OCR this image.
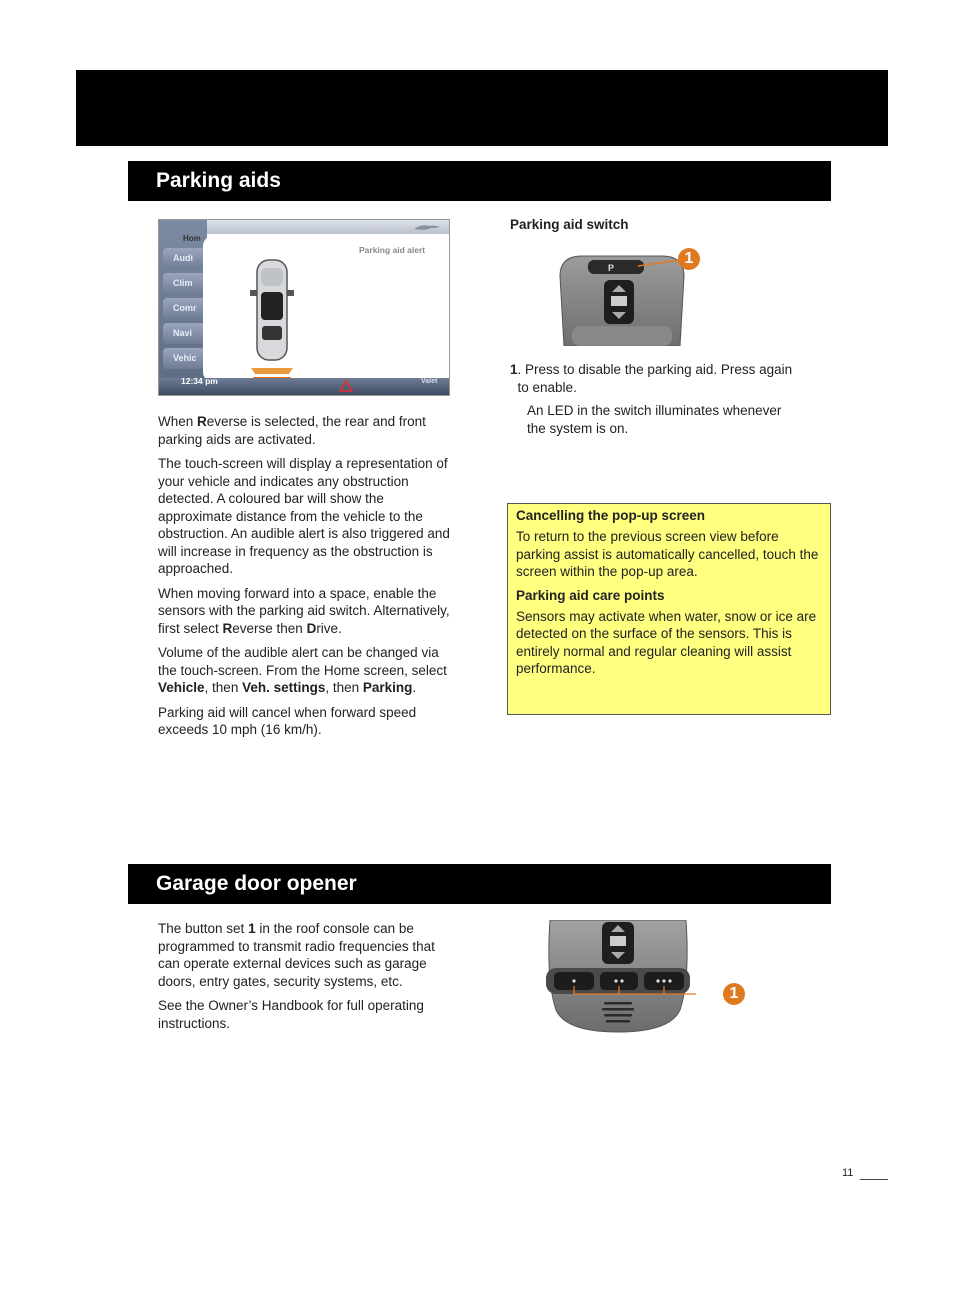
Parking aids
Audi
Clim
Comr
Navi
Vehic
Hom
Parking aid alert
12:34 pm	Valet

When Reverse is selected, the rear and front parking aids are activated.

The touch-screen will display a representation of your vehicle and indicates any obstruction detected. A coloured bar will show the approximate distance from the vehicle to the obstruction. An audible alert is also triggered and will increase in frequency as the obstruction is approached.

When moving forward into a space, enable the sensors with the parking aid switch. Alternatively, first select Reverse then Drive.

Volume of the audible alert can be changed via the touch-screen. From the Home screen, select Vehicle, then Veh. settings, then Parking.

Parking aid will cancel when forward speed exceeds 10 mph (16 km/h).

Parking aid switch
P
1
1 . Press to disable the parking aid. Press again to enable.
An LED in the switch illuminates whenever the system is on.
Cancelling the pop-up screen

To return to the previous screen view before parking assist is automatically cancelled, touch the screen within the pop-up area.

Parking aid care points

Sensors may activate when water, snow or ice are detected on the surface of the sensors. This is entirely normal and regular cleaning will assist performance.

Garage door opener

The button set 1 in the roof console can be programmed to transmit radio frequencies that can operate external devices such as garage doors, entry gates, security systems, etc.

See the Owner’s Handbook for full operating instructions.

1
11
